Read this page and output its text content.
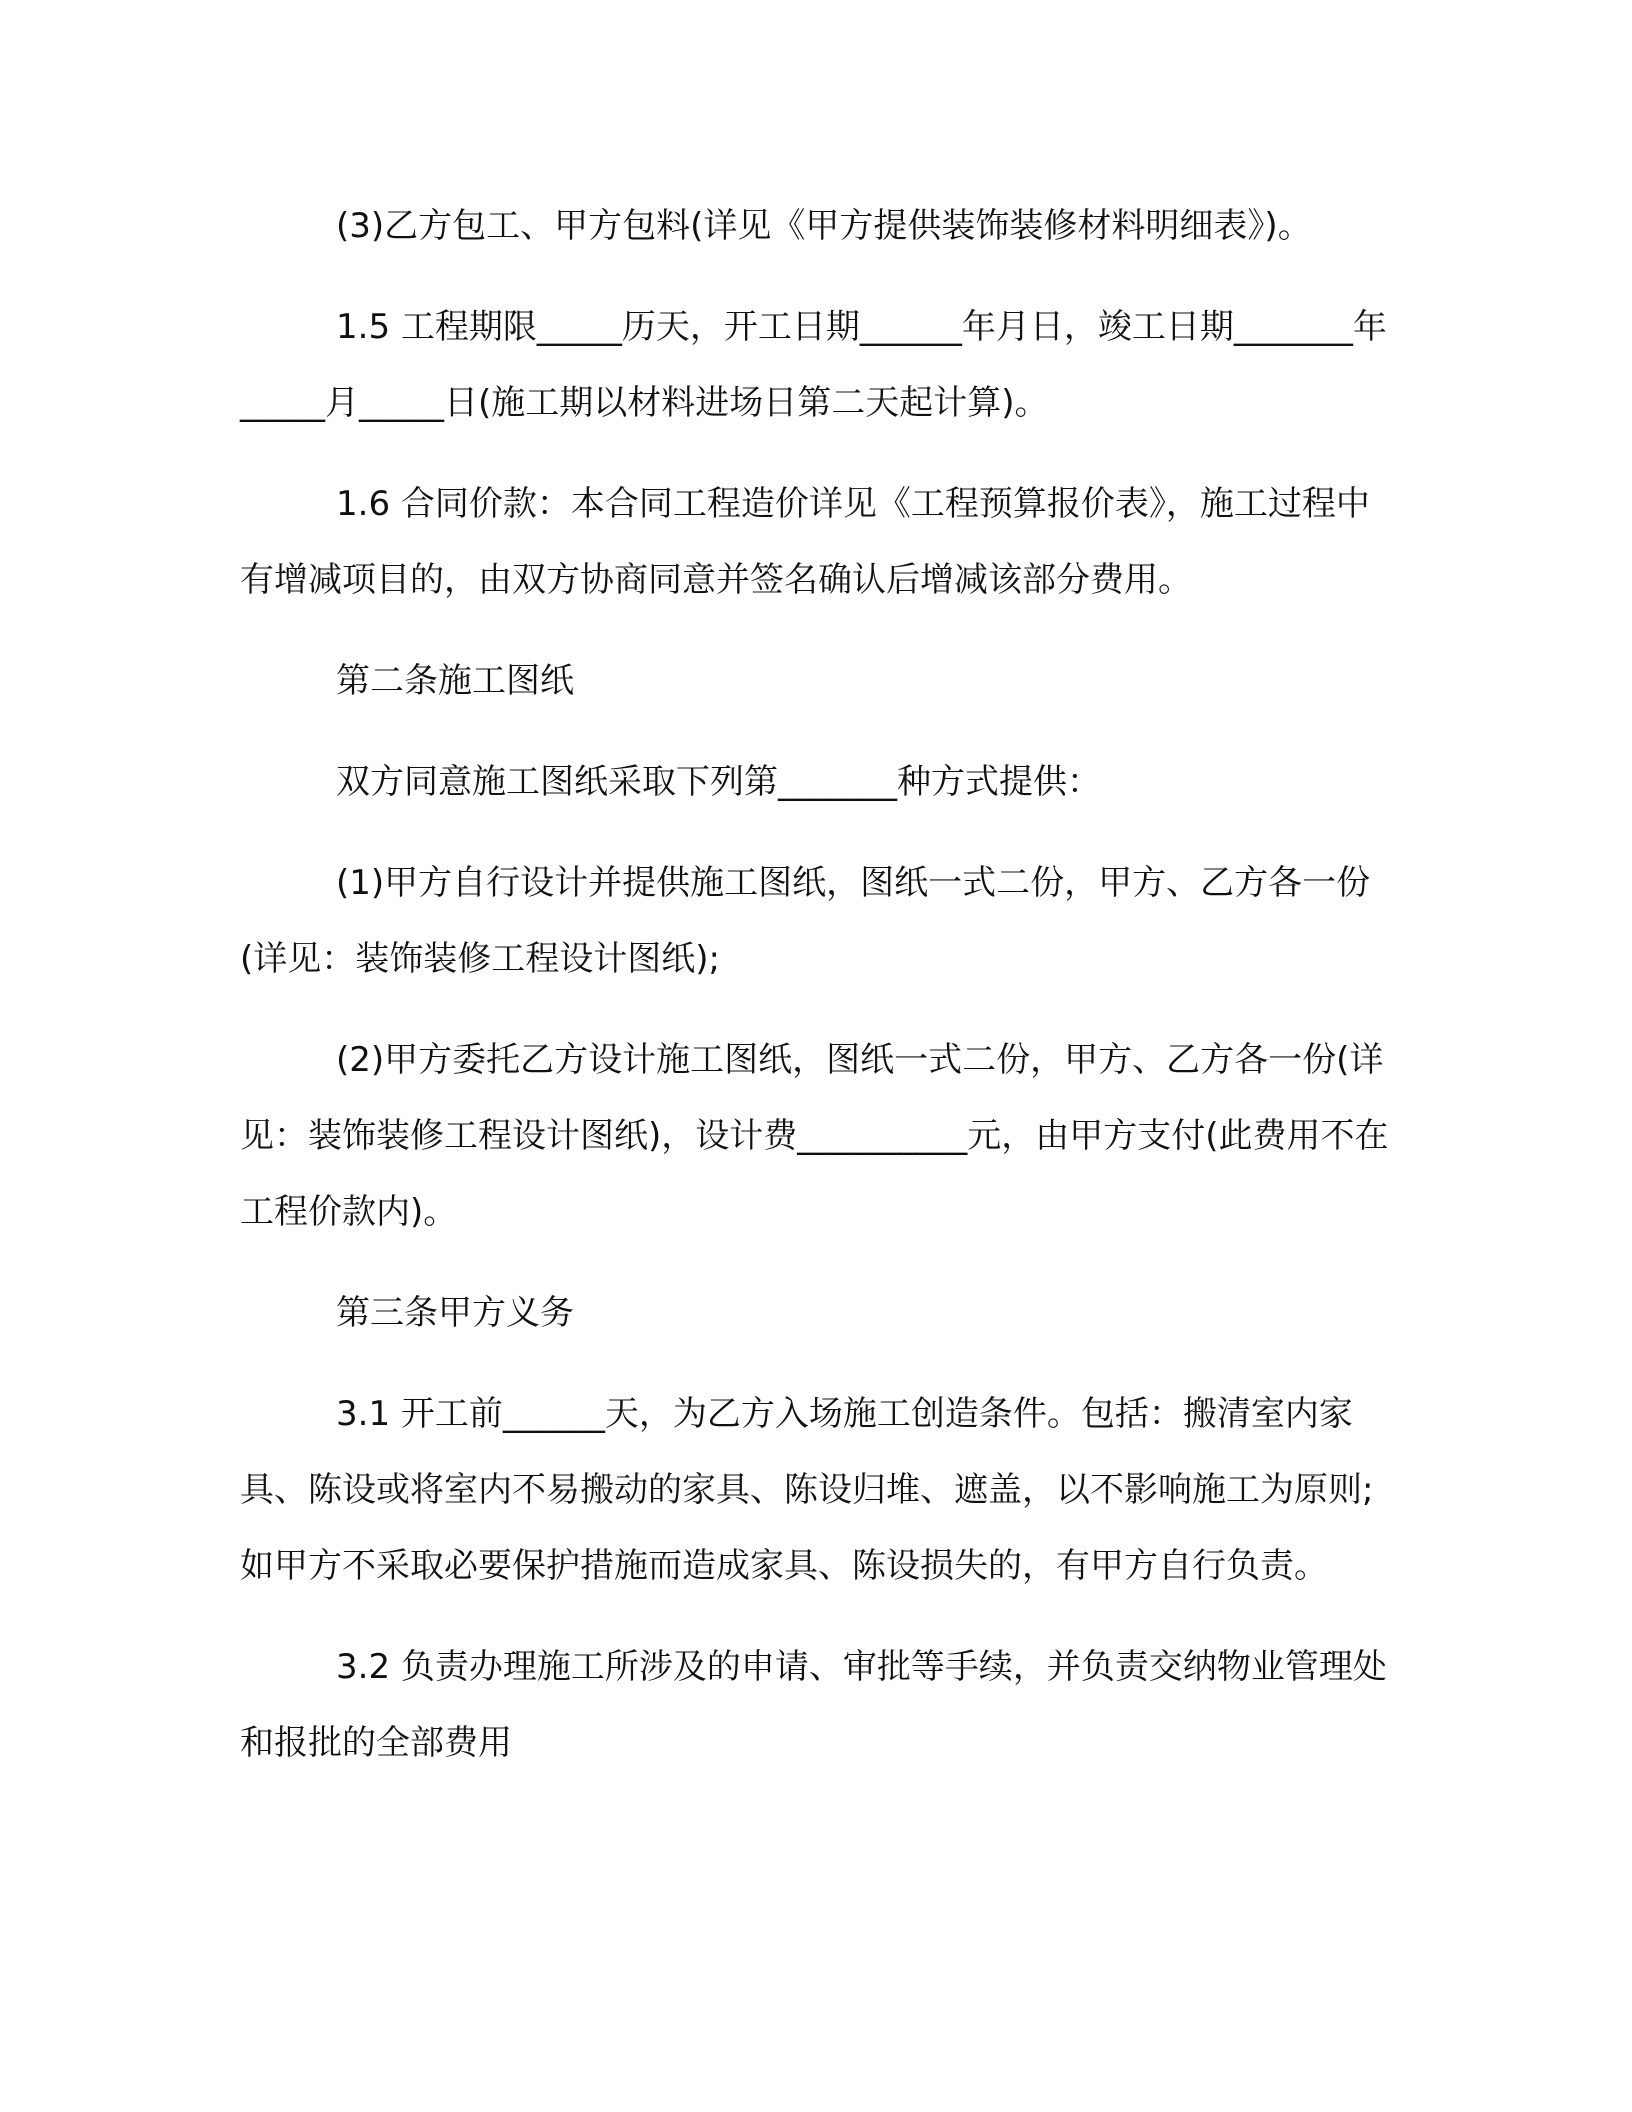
(3)乙方包工、甲方包料(详见《甲方提供装饰装修材料明细表》)。

1.5 工程期限_____历天，开工日期______年月日，竣工日期_______年_____月_____日(施工期以材料进场日第二天起计算)。

1.6 合同价款：本合同工程造价详见《工程预算报价表》，施工过程中有增减项目的，由双方协商同意并签名确认后增减该部分费用。

第二条施工图纸

双方同意施工图纸采取下列第_______种方式提供：

(1)甲方自行设计并提供施工图纸，图纸一式二份，甲方、乙方各一份(详见：装饰装修工程设计图纸);

(2)甲方委托乙方设计施工图纸，图纸一式二份，甲方、乙方各一份(详见：装饰装修工程设计图纸)，设计费__________元，由甲方支付(此费用不在工程价款内)。

第三条甲方义务

3.1 开工前______天，为乙方入场施工创造条件。包括：搬清室内家具、陈设或将室内不易搬动的家具、陈设归堆、遮盖，以不影响施工为原则;如甲方不采取必要保护措施而造成家具、陈设损失的，有甲方自行负责。

3.2 负责办理施工所涉及的申请、审批等手续，并负责交纳物业管理处和报批的全部费用
